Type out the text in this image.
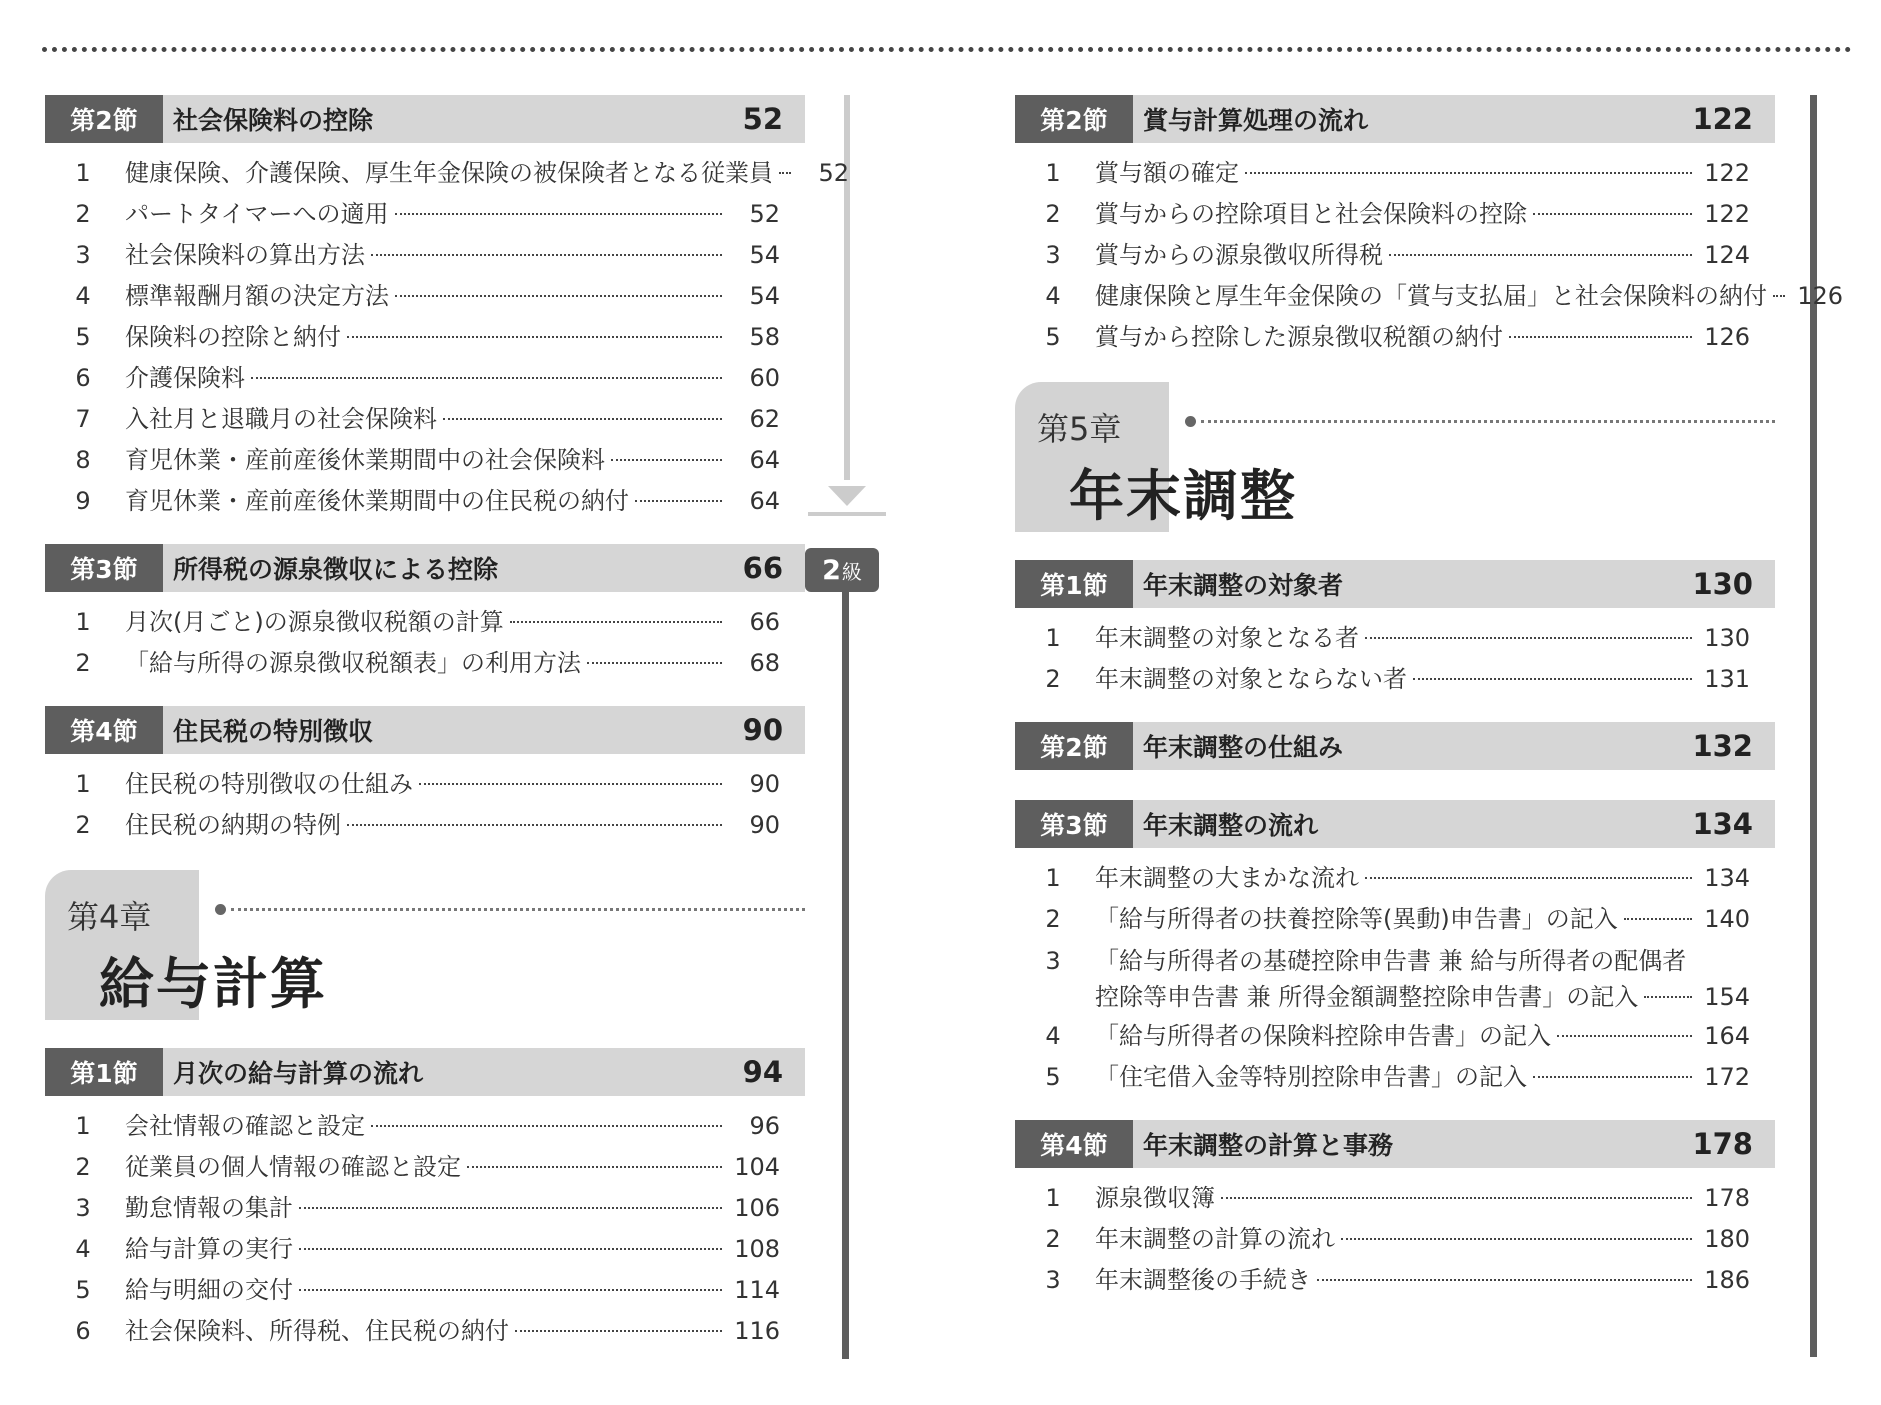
2 級
第2節	社会保険料の控除	52
1	健康保険、介護保険、厚生年金保険の被保険者となる従業員	52
2	パートタイマーへの適用	52
3	社会保険料の算出方法	54
4	標準報酬月額の決定方法	54
5	保険料の控除と納付	58
6	介護保険料	60
7	入社月と退職月の社会保険料	62
8	育児休業・産前産後休業期間中の社会保険料	64
9	育児休業・産前産後休業期間中の住民税の納付	64
第3節	所得税の源泉徴収による控除	66
1	月次(月ごと)の源泉徴収税額の計算	66
2	「給与所得の源泉徴収税額表」の利用方法	68
第4節	住民税の特別徴収	90
1	住民税の特別徴収の仕組み	90
2	住民税の納期の特例	90
第4章
給与計算
第1節	月次の給与計算の流れ	94
1	会社情報の確認と設定	96
2	従業員の個人情報の確認と設定	104
3	勤怠情報の集計	106
4	給与計算の実行	108
5	給与明細の交付	114
6	社会保険料、所得税、住民税の納付	116
第2節	賞与計算処理の流れ	122
1	賞与額の確定	122
2	賞与からの控除項目と社会保険料の控除	122
3	賞与からの源泉徴収所得税	124
4	健康保険と厚生年金保険の「賞与支払届」と社会保険料の納付 126
5	賞与から控除した源泉徴収税額の納付	126
第5章
年末調整
第1節	年末調整の対象者	130
1	年末調整の対象となる者	130
2	年末調整の対象とならない者	131
第2節	年末調整の仕組み	132
第3節	年末調整の流れ	134
1	年末調整の大まかな流れ	134
2	「給与所得者の扶養控除等(異動)申告書」の記入	140
3	「給与所得者の基礎控除申告書 兼 給与所得者の配偶者
控除等申告書 兼 所得金額調整控除申告書」の記入	154
4	「給与所得者の保険料控除申告書」の記入	164
5	「住宅借入金等特別控除申告書」の記入	172
第4節	年末調整の計算と事務	178
1	源泉徴収簿	178
2	年末調整の計算の流れ	180
3	年末調整後の手続き	186
